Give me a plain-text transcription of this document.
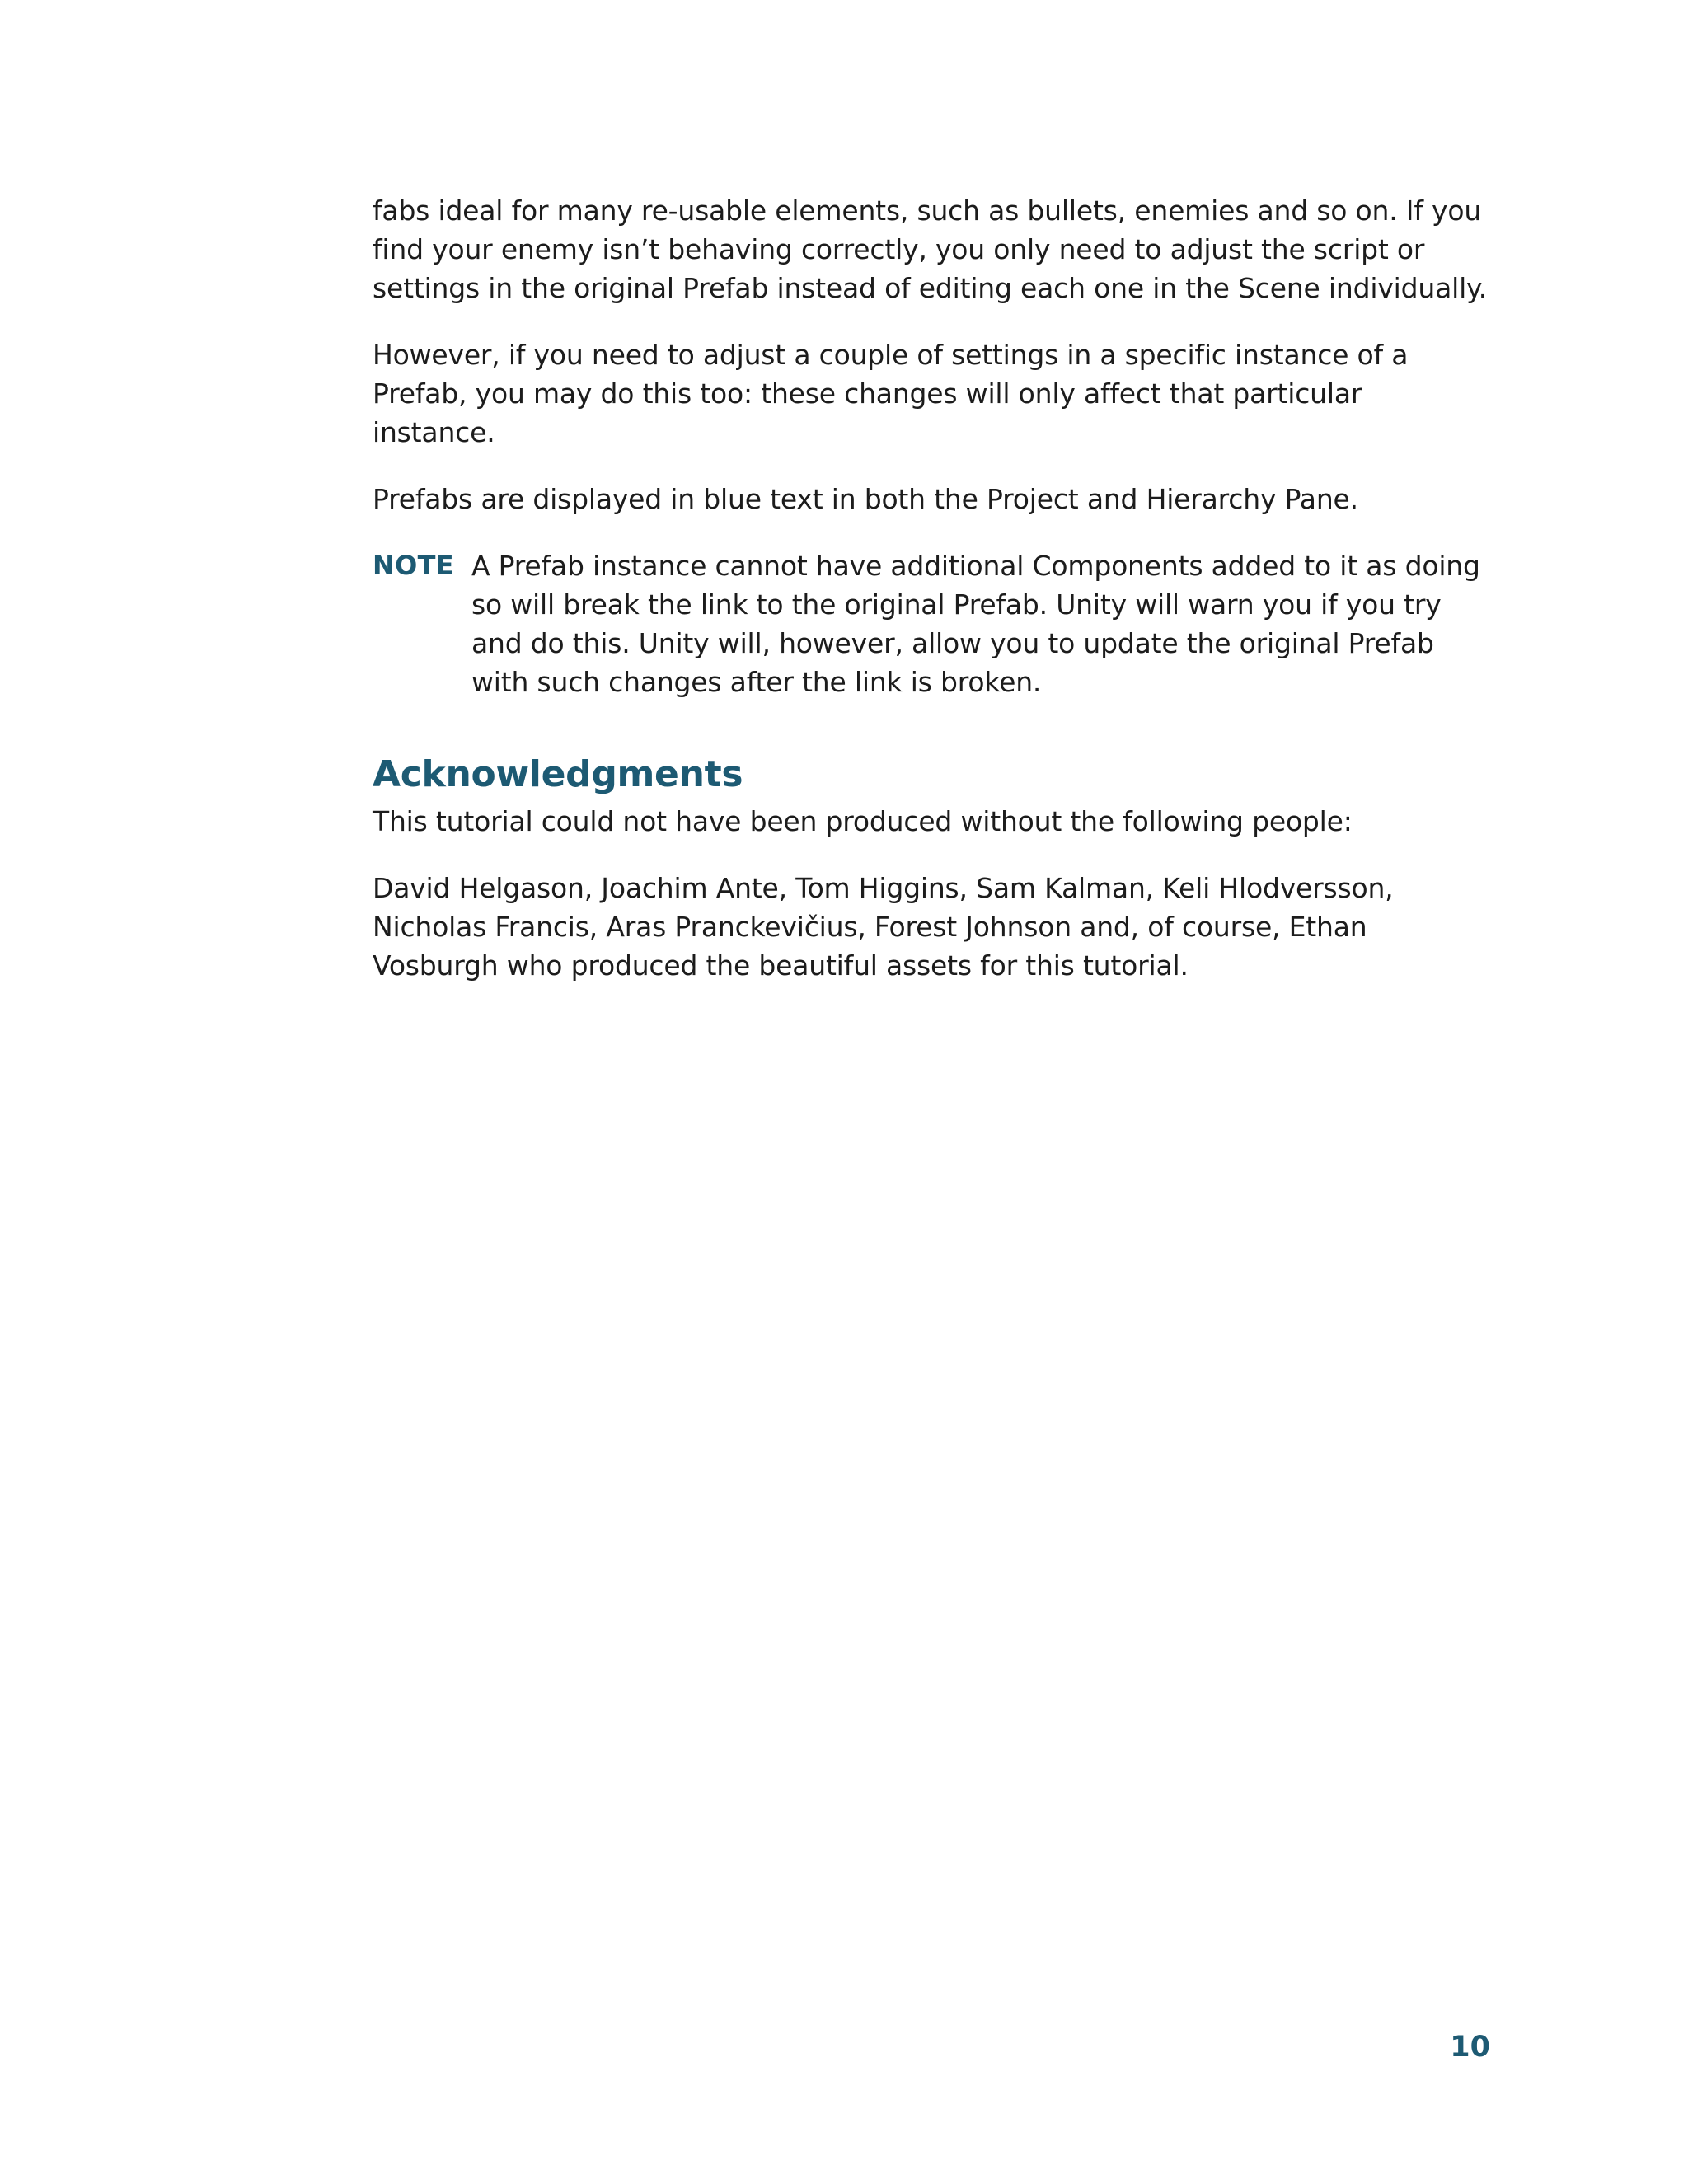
fabs ideal for many re-usable elements, such as bullets, enemies and so on. If you find your enemy isn’t behaving correctly, you only need to adjust the script or settings in the original Prefab instead of editing each one in the Scene individually.

However, if you need to adjust a couple of settings in a specific instance of a Prefab, you may do this too: these changes will only affect that particular instance.

Prefabs are displayed in blue text in both the Project and Hierarchy Pane.

NOTE A Prefab instance cannot have additional Components added to it as doing so will break the link to the original Prefab. Unity will warn you if you try and do this. Unity will, however, allow you to update the original Prefab with such changes after the link is broken.

Acknowledgments

This tutorial could not have been produced without the following people:

David Helgason, Joachim Ante, Tom Higgins, Sam Kalman, Keli Hlodversson, Nicholas Francis, Aras Pranckevičius, Forest Johnson and, of course, Ethan Vosburgh who produced the beautiful assets for this tutorial.

10
